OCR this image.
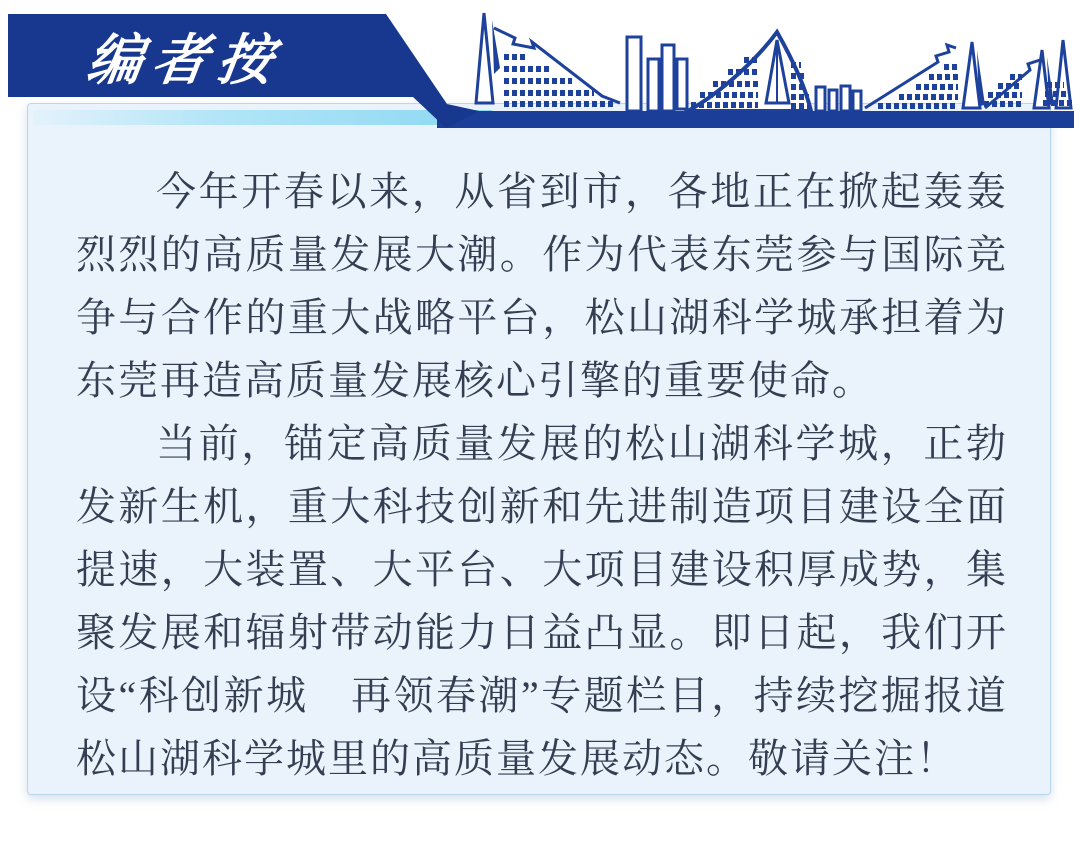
今年开春以来，从省到市，各地正在掀起轰轰烈烈的高质量发展大潮。作为代表东莞参与国际竞争与合作的重大战略平台，松山湖科学城承担着为东莞再造高质量发展核心引擎的重要使命。

当前，锚定高质量发展的松山湖科学城，正勃发新生机，重大科技创新和先进制造项目建设全面提速，大装置、大平台、大项目建设积厚成势，集聚发展和辐射带动能力日益凸显。即日起，我们开设“科创新城　再领春潮”专题栏目，持续挖掘报道松山湖科学城里的高质量发展动态。敬请关注！

编者按
